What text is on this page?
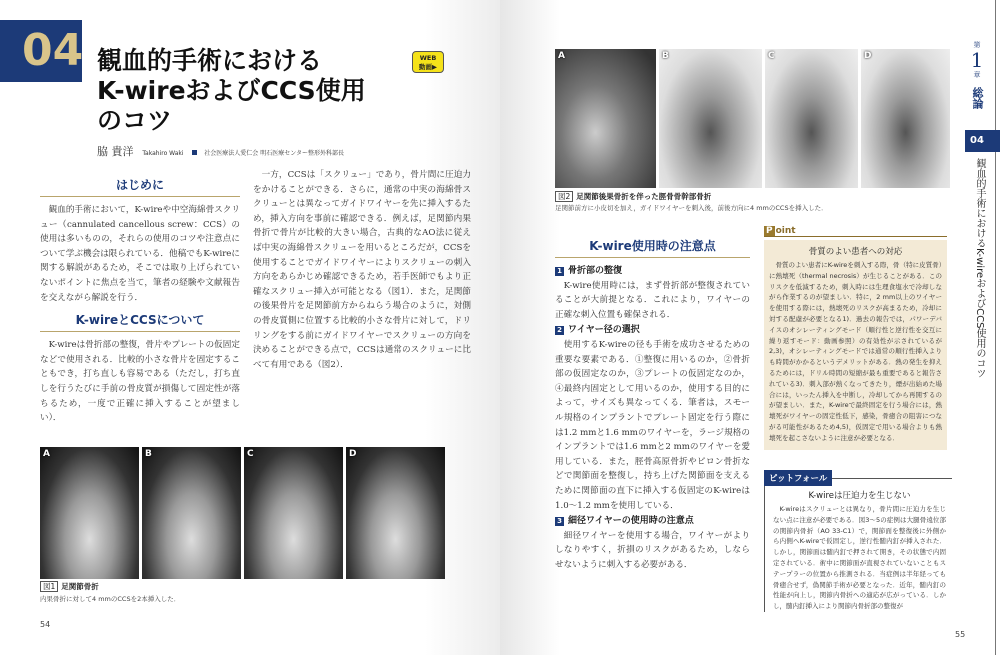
04 観血的手術における
K-wireおよびCCS使用
のコツ
WEB
動画▶
脇 貴洋 Takahiro Waki	社会医療法人愛仁会 明石医療センター整形外科部長
はじめに

観血的手術において，K-wireや中空海綿骨スクリュー（cannulated cancellous screw：CCS）の使用は多いものの，それらの使用のコツや注意点について学ぶ機会は限られている．他稿でもK-wireに関する解説があるため，そこでは取り上げられていないポイントに焦点を当て，筆者の経験や文献報告を交えながら解説を行う．

K-wireとCCSについて

K-wireは骨折部の整復，骨片やプレートの仮固定などで使用される．比較的小さな骨片を固定することもでき，打ち直しも容易である（ただし，打ち直しを行うたびに手前の骨皮質が損傷して固定性が落ちるため，一度で正確に挿入することが望ましい）．

一方，CCSは「スクリュー」であり，骨片間に圧迫力をかけることができる．さらに，通常の中実の海綿骨スクリューとは異なってガイドワイヤーを先に挿入するため，挿入方向を事前に確認できる．例えば，足関節内果骨折で骨片が比較的大きい場合，古典的なAO法に従えば中実の海綿骨スクリューを用いるところだが，CCSを使用することでガイドワイヤーによりスクリューの刺入方向をあらかじめ確認できるため，若手医師でもより正確なスクリュー挿入が可能となる（図1）．また，足関節の後果骨片を足関節前方からねらう場合のように，対側の骨皮質側に位置する比較的小さな骨片に対して，ドリリングをする前にガイドワイヤーでスクリューの方向を決めることができる点で，CCSは通常のスクリューに比べて有用である（図2）．

A	B	C	D
図1 足関節骨折
内果骨折に対して4 mmのCCSを2本挿入した．
54
A	B	C	D
図2 足関節後果骨折を伴った脛骨骨幹部骨折
足関節前方に小皮切を加え，ガイドワイヤーを刺入後，前後方向に4 mmのCCSを挿入した．
K-wire使用時の注意点
1 骨折部の整復

K-wire使用時には，まず骨折部が整復されていることが大前提となる．これにより，ワイヤーの正確な刺入位置も確保される．

2 ワイヤー径の選択

使用するK-wireの径も手術を成功させるための重要な要素である．①整復に用いるのか，②骨折部の仮固定なのか，③プレートの仮固定なのか，④最終内固定として用いるのか，使用する目的によって，サイズも異なってくる．筆者は，スモール規格のインプラントでプレート固定を行う際には1.2 mmと1.6 mmのワイヤーを，ラージ規格のインプラントでは1.6 mmと2 mmのワイヤーを愛用している．また，脛骨高原骨折やピロン骨折などで関節面を整復し，持ち上げた関節面を支えるために関節面の直下に挿入する仮固定のK-wireは1.0～1.2 mmを使用している．

3 細径ワイヤーの使用時の注意点

細径ワイヤーを使用する場合，ワイヤーがよりしなりやすく，折損のリスクがあるため，しならせないように刺入する必要がある．

P oint
骨質のよい患者への対応

骨質のよい患者にK-wireを刺入する際，骨（特に皮質骨）に熱壊死（thermal necrosis）が生じることがある．このリスクを低減するため，刺入時には生理食塩水で冷却しながら作業するのが望ましい．特に，2 mm以上のワイヤーを使用する際には，熱壊死のリスクが高まるため，冷却に対する配慮が必要となる1)．過去の報告では，パワーデバイスのオシレーティングモード（順行性と逆行性を交互に繰り返すモード：動画参照）の有効性が示されているが2,3)，オシレーティングモードでは通常の順行性挿入よりも時間がかかるというデメリットがある．熱の発生を抑えるためには，ドリル時間の短縮が最も重要であると報告されている3)．刺入部が熱くなってきたり，煙が出始めた場合には，いったん挿入を中断し，冷却してから再開するのが望ましい．また，K-wireで最終固定を行う場合には，熱壊死がワイヤーの固定性低下，感染，骨癒合の阻害につながる可能性があるため4,5)，仮固定で用いる場合よりも熱壊死を起こさないように注意が必要となる．

K-wireは圧迫力を生じない

K-wireはスクリューとは異なり，骨片間に圧迫力を生じない点に注意が必要である．図3～5の症例は大腿骨遠位部の関節内骨折（AO 33-C1）で，関節面を整復後に外側から内側へK-wireで仮固定し，逆行性髄内釘が挿入された．しかし，関節面は髄内釘で押されて開き，その状態で内固定されている．術中に関節面が直視されていないこともステープラーの位置から推測される．当症例は半年経っても骨癒合せず，偽関節手術が必要となった．近年，髄内釘の性能が向上し，関節内骨折への適応が広がっている．しかし，髄内釘挿入により関節内骨折部の整復が

ピットフォール
第
1
章
総論
04
観血的手術におけるK-wireおよびCCS使用のコツ
55
